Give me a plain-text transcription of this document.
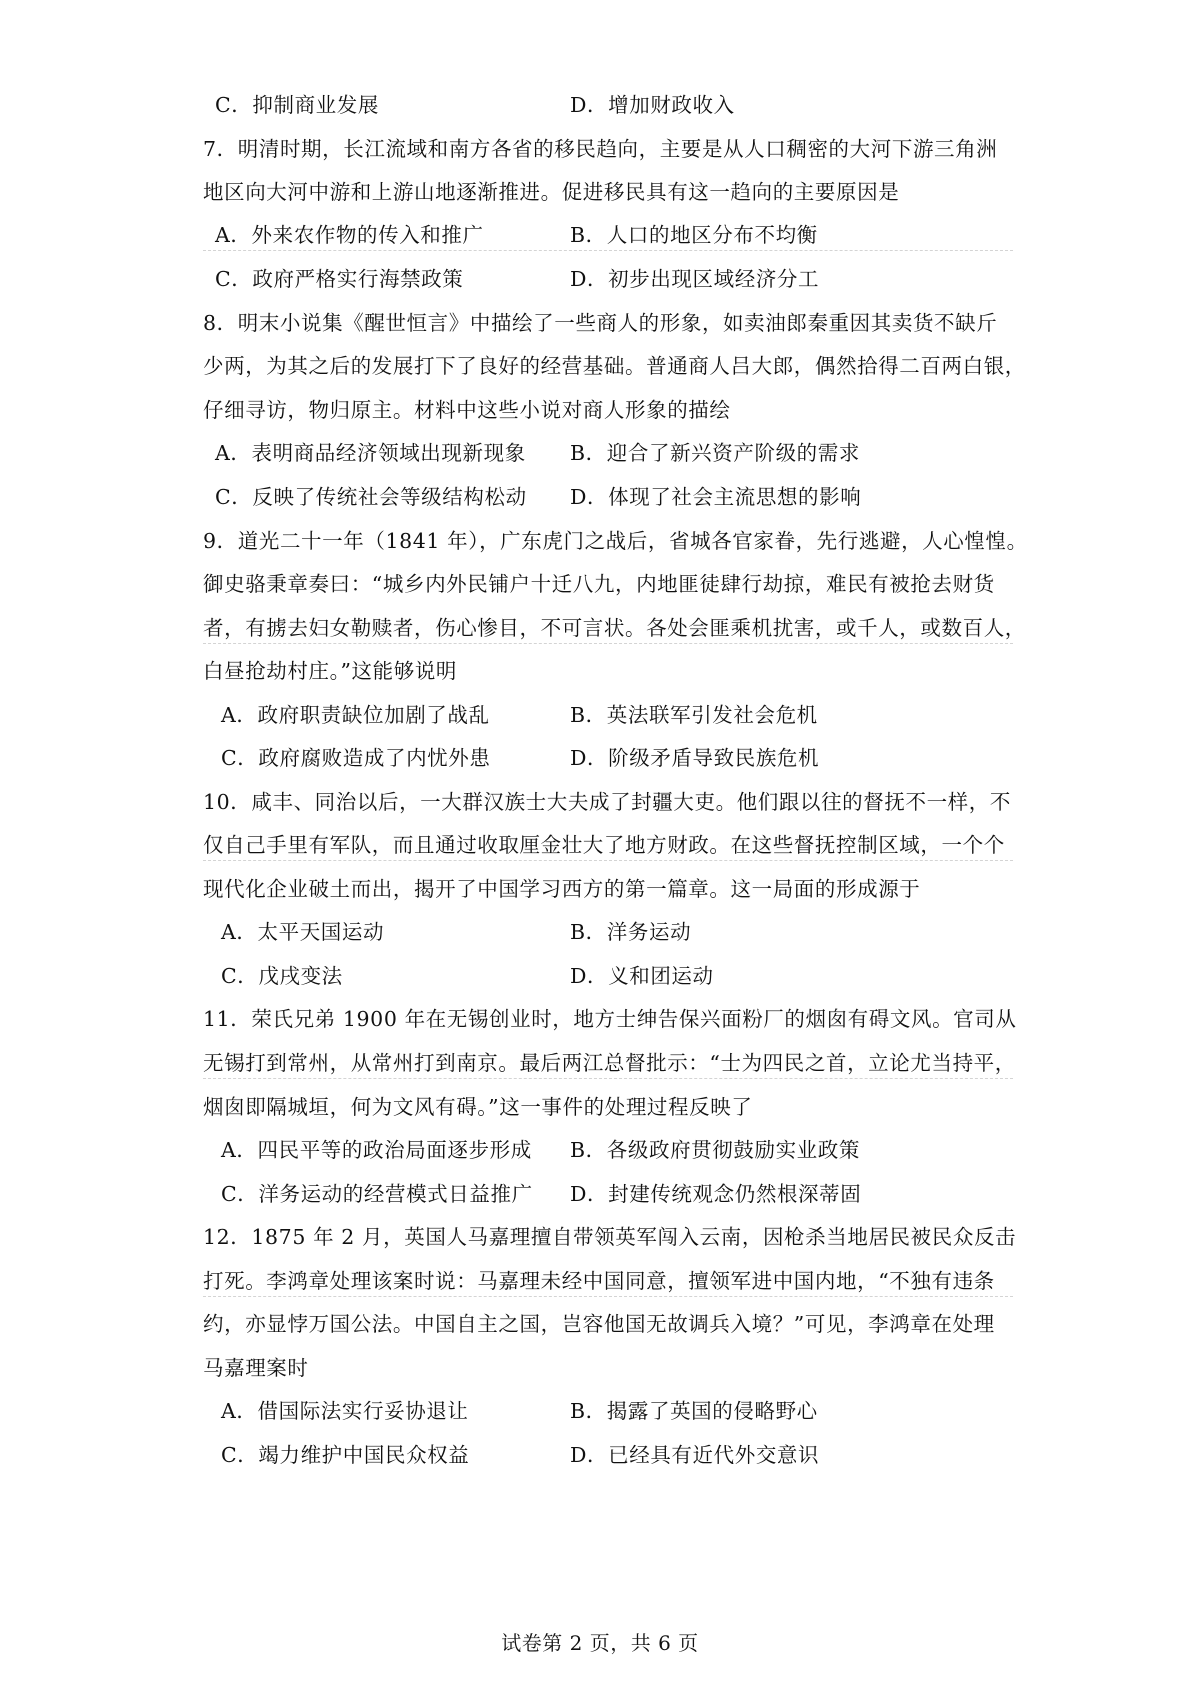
C．抑制商业发展	D．增加财政收入
7．明清时期，长江流域和南方各省的移民趋向，主要是从人口稠密的大河下游三角洲
地区向大河中游和上游山地逐渐推进。促进移民具有这一趋向的主要原因是
A．外来农作物的传入和推广	B．人口的地区分布不均衡
C．政府严格实行海禁政策	D．初步出现区域经济分工
8．明末小说集《醒世恒言》中描绘了一些商人的形象，如卖油郎秦重因其卖货不缺斤
少两，为其之后的发展打下了良好的经营基础。普通商人吕大郎，偶然拾得二百两白银，
仔细寻访，物归原主。材料中这些小说对商人形象的描绘
A．表明商品经济领域出现新现象 B．迎合了新兴资产阶级的需求
C．反映了传统社会等级结构松动 D．体现了社会主流思想的影响
9．道光二十一年（1841 年），广东虎门之战后，省城各官家眷，先行逃避，人心惶惶。
御史骆秉章奏曰：“城乡内外民铺户十迁八九，内地匪徒肆行劫掠，难民有被抢去财货
者，有掳去妇女勒赎者，伤心惨目，不可言状。各处会匪乘机扰害，或千人，或数百人，
白昼抢劫村庄。”这能够说明
A．政府职责缺位加剧了战乱	B．英法联军引发社会危机
C．政府腐败造成了内忧外患	D．阶级矛盾导致民族危机
10．咸丰、同治以后，一大群汉族士大夫成了封疆大吏。他们跟以往的督抚不一样，不
仅自己手里有军队，而且通过收取厘金壮大了地方财政。在这些督抚控制区域，一个个
现代化企业破土而出，揭开了中国学习西方的第一篇章。这一局面的形成源于
A．太平天国运动	B．洋务运动
C．戊戌变法	D．义和团运动
11．荣氏兄弟 1900 年在无锡创业时，地方士绅告保兴面粉厂的烟囱有碍文风。官司从
无锡打到常州，从常州打到南京。最后两江总督批示：“士为四民之首，立论尤当持平，
烟囱即隔城垣，何为文风有碍。”这一事件的处理过程反映了
A．四民平等的政治局面逐步形成 B．各级政府贯彻鼓励实业政策
C．洋务运动的经营模式日益推广 D．封建传统观念仍然根深蒂固
12．1875 年 2 月，英国人马嘉理擅自带领英军闯入云南，因枪杀当地居民被民众反击
打死。李鸿章处理该案时说：马嘉理未经中国同意，擅领军进中国内地，“不独有违条
约，亦显悖万国公法。中国自主之国，岂容他国无故调兵入境？”可见，李鸿章在处理
马嘉理案时
A．借国际法实行妥协退让	B．揭露了英国的侵略野心
C．竭力维护中国民众权益	D．已经具有近代外交意识
试卷第 2 页，共 6 页
